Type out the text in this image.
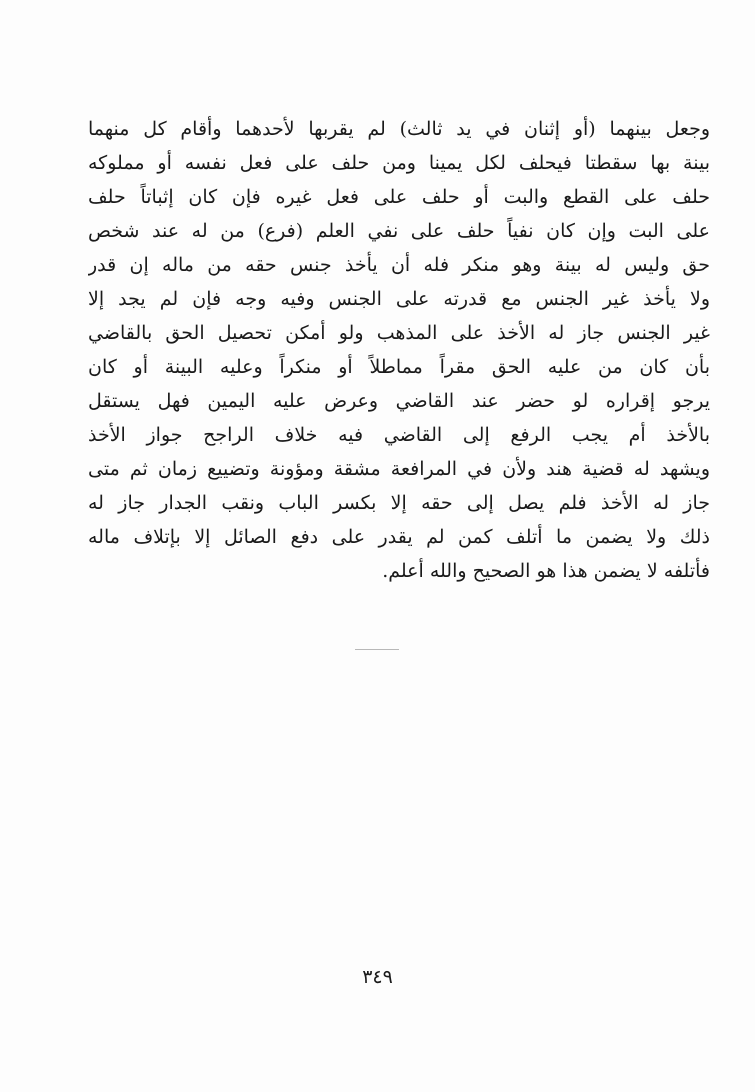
وجعل بينهما (أو إثنان في يد ثالث) لم يقربها لأحدهما وأقام كل منهما
بينة بها سقطتا فيحلف لكل يمينا ومن حلف على فعل نفسه أو مملوكه
حلف على القطع والبت أو حلف على فعل غيره فإن كان إثباتاً حلف
على البت وإن كان نفياً حلف على نفي العلم (فرع) من له عند شخص
حق وليس له بينة وهو منكر فله أن يأخذ جنس حقه من ماله إن قدر
ولا يأخذ غير الجنس مع قدرته على الجنس وفيه وجه فإن لم يجد إلا
غير الجنس جاز له الأخذ على المذهب ولو أمكن تحصيل الحق بالقاضي
بأن كان من عليه الحق مقراً مماطلاً أو منكراً وعليه البينة أو كان
يرجو إقراره لو حضر عند القاضي وعرض عليه اليمين فهل يستقل
بالأخذ أم يجب الرفع إلى القاضي فيه خلاف الراجح جواز الأخذ
ويشهد له قضية هند ولأن في المرافعة مشقة ومؤونة وتضييع زمان ثم متى
جاز له الأخذ فلم يصل إلى حقه إلا بكسر الباب ونقب الجدار جاز له
ذلك ولا يضمن ما أتلف كمن لم يقدر على دفع الصائل إلا بإتلاف ماله
فأتلفه لا يضمن هذا هو الصحيح والله أعلم.
٣٤٩
